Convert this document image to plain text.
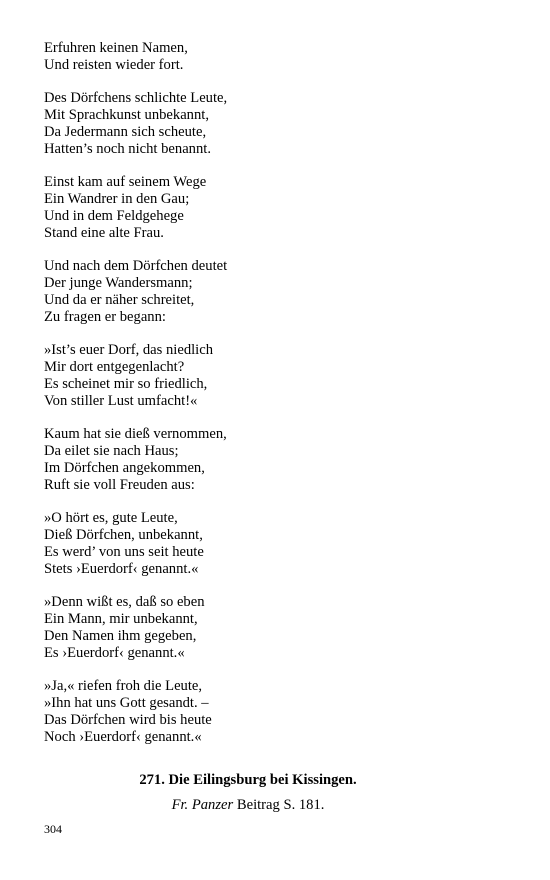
Erfuhren keinen Namen,
Und reisten wieder fort.
Des Dörfchens schlichte Leute,
Mit Sprachkunst unbekannt,
Da Jedermann sich scheute,
Hatten’s noch nicht benannt.
Einst kam auf seinem Wege
Ein Wandrer in den Gau;
Und in dem Feldgehege
Stand eine alte Frau.
Und nach dem Dörfchen deutet
Der junge Wandersmann;
Und da er näher schreitet,
Zu fragen er begann:
»Ist’s euer Dorf, das niedlich
Mir dort entgegenlacht?
Es scheinet mir so friedlich,
Von stiller Lust umfacht!«
Kaum hat sie dieß vernommen,
Da eilet sie nach Haus;
Im Dörfchen angekommen,
Ruft sie voll Freuden aus:
»O hört es, gute Leute,
Dieß Dörfchen, unbekannt,
Es werd’ von uns seit heute
Stets ›Euerdorf‹ genannt.«
»Denn wißt es, daß so eben
Ein Mann, mir unbekannt,
Den Namen ihm gegeben,
Es ›Euerdorf‹ genannt.«
»Ja,« riefen froh die Leute,
»Ihn hat uns Gott gesandt. –
Das Dörfchen wird bis heute
Noch ›Euerdorf‹ genannt.«
271. Die Eilingsburg bei Kissingen.
Fr. Panzer Beitrag S. 181.
304
